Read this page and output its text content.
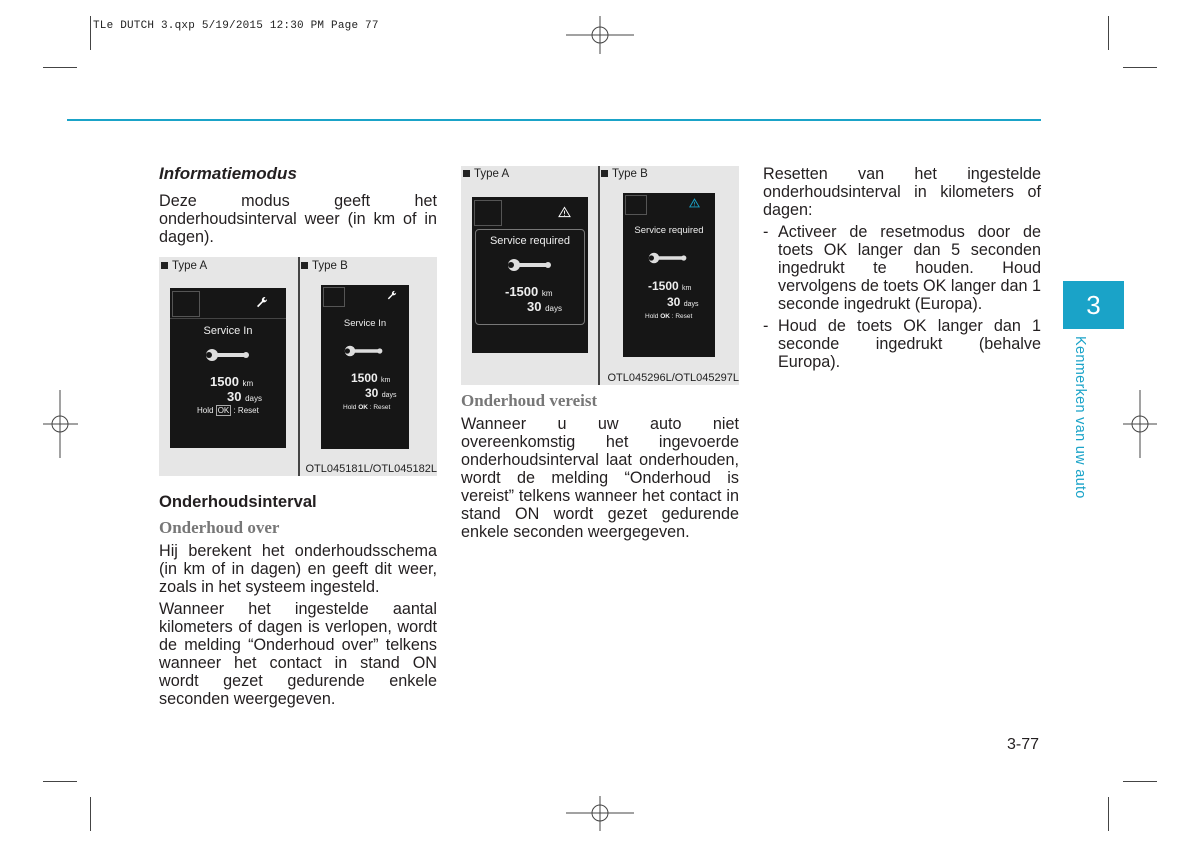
TLe DUTCH 3.qxp 5/19/2015 12:30 PM Page 77
Informatiemodus

Deze modus geeft het onderhoudsinterval weer (in km of in dagen).

Type A	Type B
Service In
1500 km
30 days
Hold OK : Reset
Service In
1500 km
30 days
Hold OK : Reset
OTL045181L/OTL045182L
Onderhoudsinterval
Onderhoud over

Hij berekent het onderhoudsschema (in km of in dagen) en geeft dit weer, zoals in het systeem ingesteld.

Wanneer het ingestelde aantal kilometers of dagen is verlopen, wordt de melding “Onderhoud over” telkens wanneer het contact in stand ON wordt gezet gedurende enkele seconden weergegeven.

Type A	Type B
Service required
-1500 km
30 days
Service required
-1500 km
30 days
Hold OK : Reset
OTL045296L/OTL045297L
Onderhoud vereist

Wanneer u uw auto niet overeenkomstig het ingevoerde onderhoudsinterval laat onderhouden, wordt de melding “Onderhoud is vereist” telkens wanneer het contact in stand ON wordt gezet gedurende enkele seconden weergegeven.

Resetten van het ingestelde onderhoudsinterval in kilometers of dagen:

- Activeer de resetmodus door de toets OK langer dan 5 seconden ingedrukt te houden. Houd vervolgens de toets OK langer dan 1 seconde ingedrukt (Europa).
- Houd de toets OK langer dan 1 seconde ingedrukt (behalve Europa).
3
Kenmerken van uw auto
3-77
